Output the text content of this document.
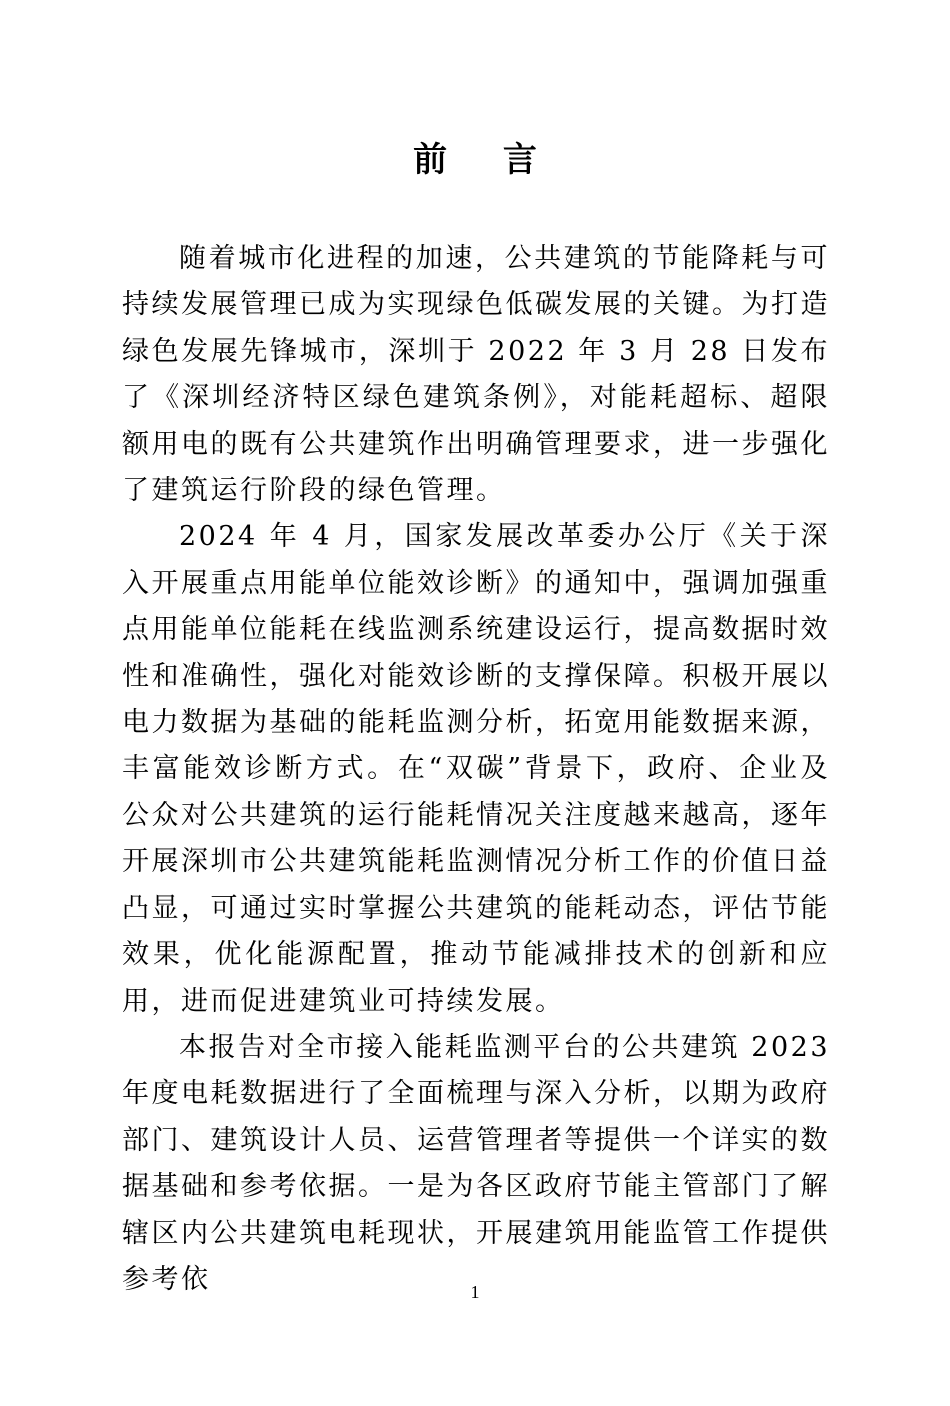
前 言

随着城市化进程的加速，公共建筑的节能降耗与可持续发展管理已成为实现绿色低碳发展的关键。为打造绿色发展先锋城市，深圳于 2022 年 3 月 28 日发布了《深圳经济特区绿色建筑条例》，对能耗超标、超限额用电的既有公共建筑作出明确管理要求，进一步强化了建筑运行阶段的绿色管理。

2024 年 4 月，国家发展改革委办公厅《关于深入开展重点用能单位能效诊断》的通知中，强调加强重点用能单位能耗在线监测系统建设运行，提高数据时效性和准确性，强化对能效诊断的支撑保障。积极开展以电力数据为基础的能耗监测分析，拓宽用能数据来源，丰富能效诊断方式。在“双碳”背景下，政府、企业及公众对公共建筑的运行能耗情况关注度越来越高，逐年开展深圳市公共建筑能耗监测情况分析工作的价值日益凸显，可通过实时掌握公共建筑的能耗动态，评估节能效果，优化能源配置，推动节能减排技术的创新和应用，进而促进建筑业可持续发展。

本报告对全市接入能耗监测平台的公共建筑 2023 年度电耗数据进行了全面梳理与深入分析，以期为政府部门、建筑设计人员、运营管理者等提供一个详实的数据基础和参考依据。一是为各区政府节能主管部门了解辖区内公共建筑电耗现状，开展建筑用能监管工作提供参考依	1
